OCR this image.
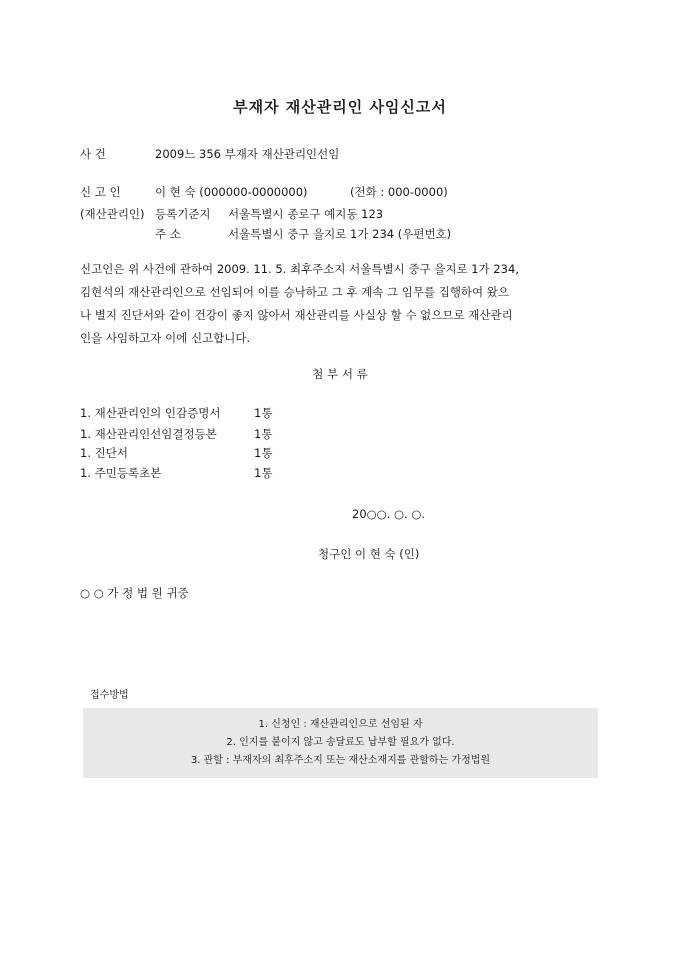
부재자 재산관리인 사임신고서
사 건	2009느 356 부재자 재산관리인선임
신 고 인	이 현 숙 (000000-0000000)	(전화 : 000-0000)
(재산관리인) 등록기준지 서울특별시 종로구 예지동 123
주 소	서울특별시 중구 을지로 1가 234 (우편번호)
신고인은 위 사건에 관하여 2009. 11. 5. 최후주소지 서울특별시 중구 을지로 1가 234,
김현석의 재산관리인으로 선임되어 이를 승낙하고 그 후 계속 그 임무를 집행하여 왔으
나 별지 진단서와 같이 건강이 좋지 않아서 재산관리를 사실상 할 수 없으므로 재산관리
인을 사임하고자 이에 신고합니다.
첨 부 서 류
1. 재산관리인의 인감증명서	1통
1. 재산관리인선임결정등본	1통
1. 진단서	1통
1. 주민등록초본	1통
20○○. ○. ○.
청구인 이 현 숙 (인)
○ ○ 가 정 법 원 귀중
접수방법
1. 신청인 : 재산관리인으로 선임된 자
2. 인지를 붙이지 않고 송달료도 납부할 필요가 없다.
3. 관할 : 부재자의 최후주소지 또는 재산소재지를 관할하는 가정법원
